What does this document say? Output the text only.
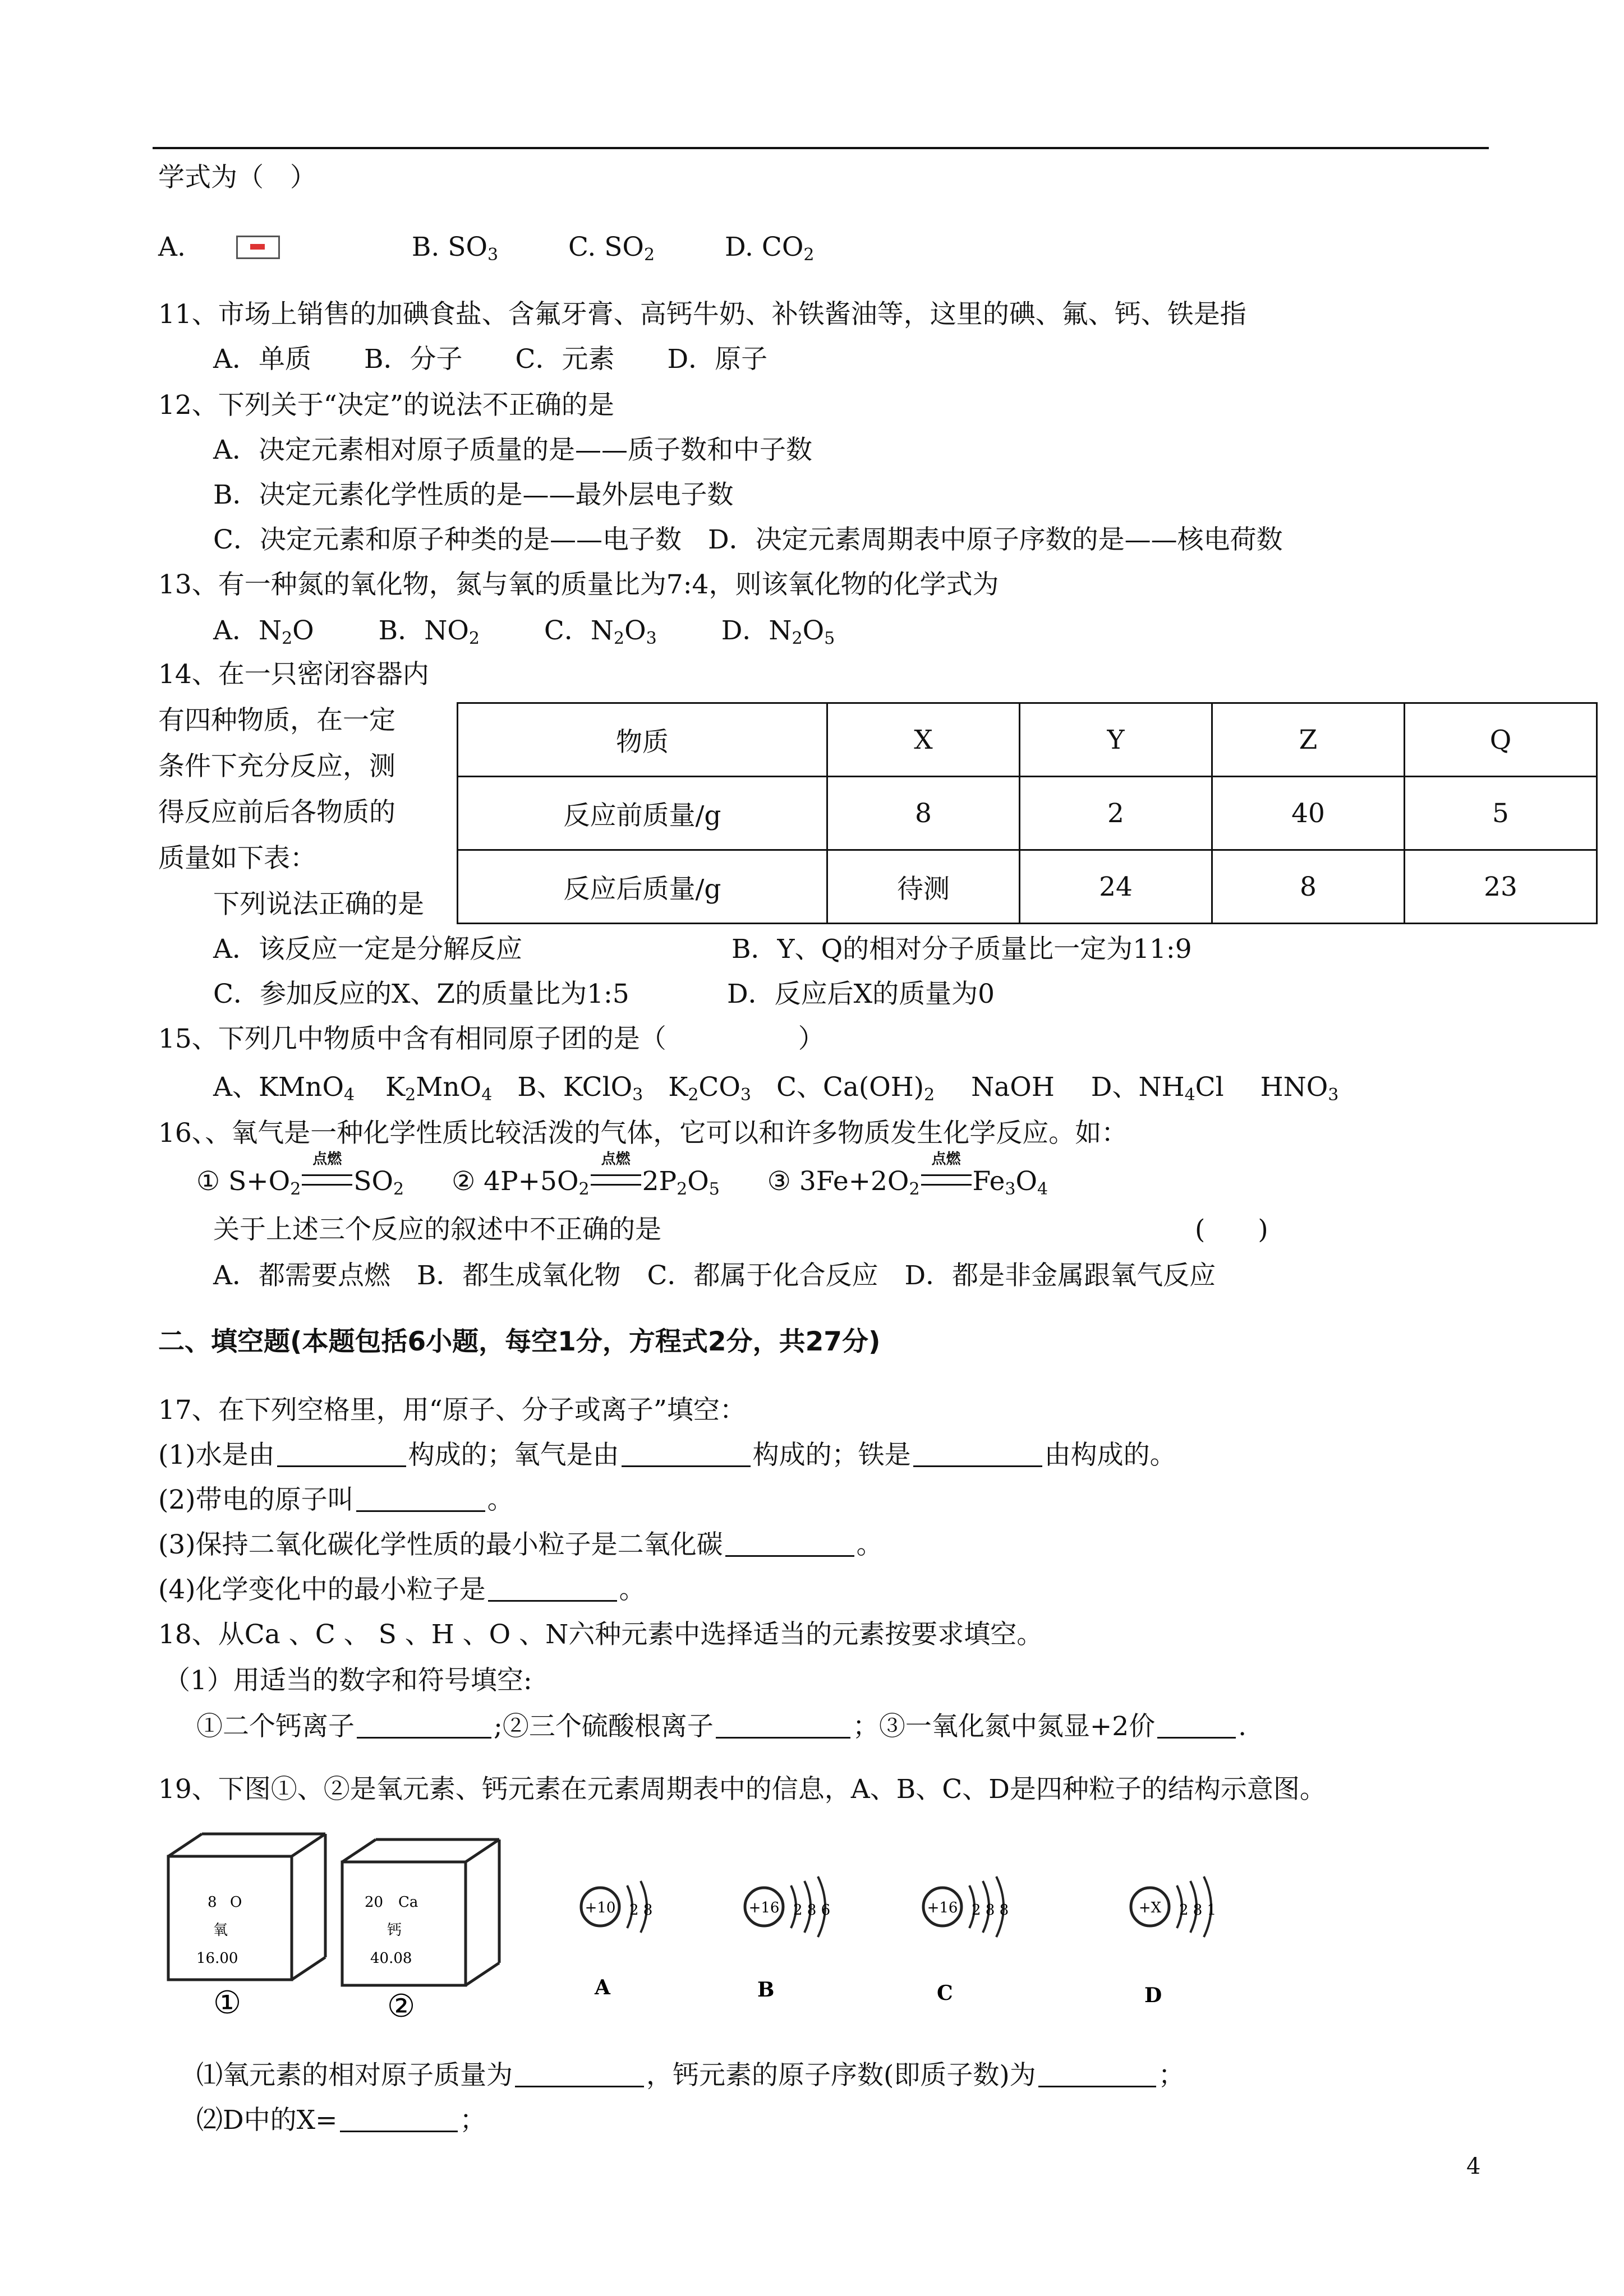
学式为（　）
A.	B. $SO_3$	C. $SO_2$	D. $CO_2$
11、市场上销售的加碘食盐、含氟牙膏、高钙牛奶、补铁酱油等，这里的碘、氟、钙、铁是指
A．单质　　B．分子　　C．元素　　D．原子
12、下列关于“决定”的说法不正确的是
A．决定元素相对原子质量的是——质子数和中子数
B．决定元素化学性质的是——最外层电子数
C．决定元素和原子种类的是——电子数　D．决定元素周期表中原子序数的是——核电荷数
13、有一种氮的氧化物，氮与氧的质量比为7:4，则该氧化物的化学式为
A．$N_2O$ B．$NO_2$ C．$N_2O_3$ D．$N_2O_5$
14、在一只密闭容器内
有四种物质，在一定
条件下充分反应，测
得反应前后各物质的
质量如下表：
下列说法正确的是
物质	X	Y	Z	Q
反应前质量/g	8	2	40	5
反应后质量/g	待测	24	8	23
A．该反应一定是分解反应	B．Y、Q的相对分子质量比一定为11:9
C．参加反应的X、Z的质量比为1:5	D．反应后X的质量为0
15、下列几中物质中含有相同原子团的是（　　　　　）
A、KMnO$_4$ $K_2MnO_4$ B、KClO$_3$ $K_2CO_3$ C、$Ca(OH)_2$ NaOH D、$NH_4Cl$ $HNO_3$
16、、氧气是一种化学性质比较活泼的气体，它可以和许多物质发生化学反应。如：
① $S+O_2$
点燃
$SO_2$ ② $4P+5O_2$
点燃
$2P_2O_5$ ③ $3Fe+2O_2$
点燃
$Fe_3O_4$
关于上述三个反应的叙述中不正确的是	(　　)
A．都需要点燃　B．都生成氧化物　C．都属于化合反应　D．都是非金属跟氧气反应
二、填空题(本题包括6小题，每空1分，方程式2分，共27分)
17、在下列空格里，用“原子、分子或离子”填空：
(1)水是由	构成的；氧气是由	构成的；铁是	由构成的。
(2)带电的原子叫	。
(3)保持二氧化碳化学性质的最小粒子是二氧化碳	。
(4)化学变化中的最小粒子是	。
18、从Ca 、C 、 S 、H 、O 、N六种元素中选择适当的元素按要求填空。
（1）用适当的数字和符号填空:
①二个钙离子	;②三个硫酸根离子	；③一氧化氮中氮显+2价	.
19、下图①、②是氧元素、钙元素在元素周期表中的信息，A、B、C、D是四种粒子的结构示意图。
8 O
氧
16.00
①
20 Ca
钙
40.08
②
+10 2 8
A
+16 2 8 6
B
+16 2 8 8
C
+X 2 8 1
D
⑴氧元素的相对原子质量为	，钙元素的原子序数(即质子数)为	；
⑵D中的X=	；
4
